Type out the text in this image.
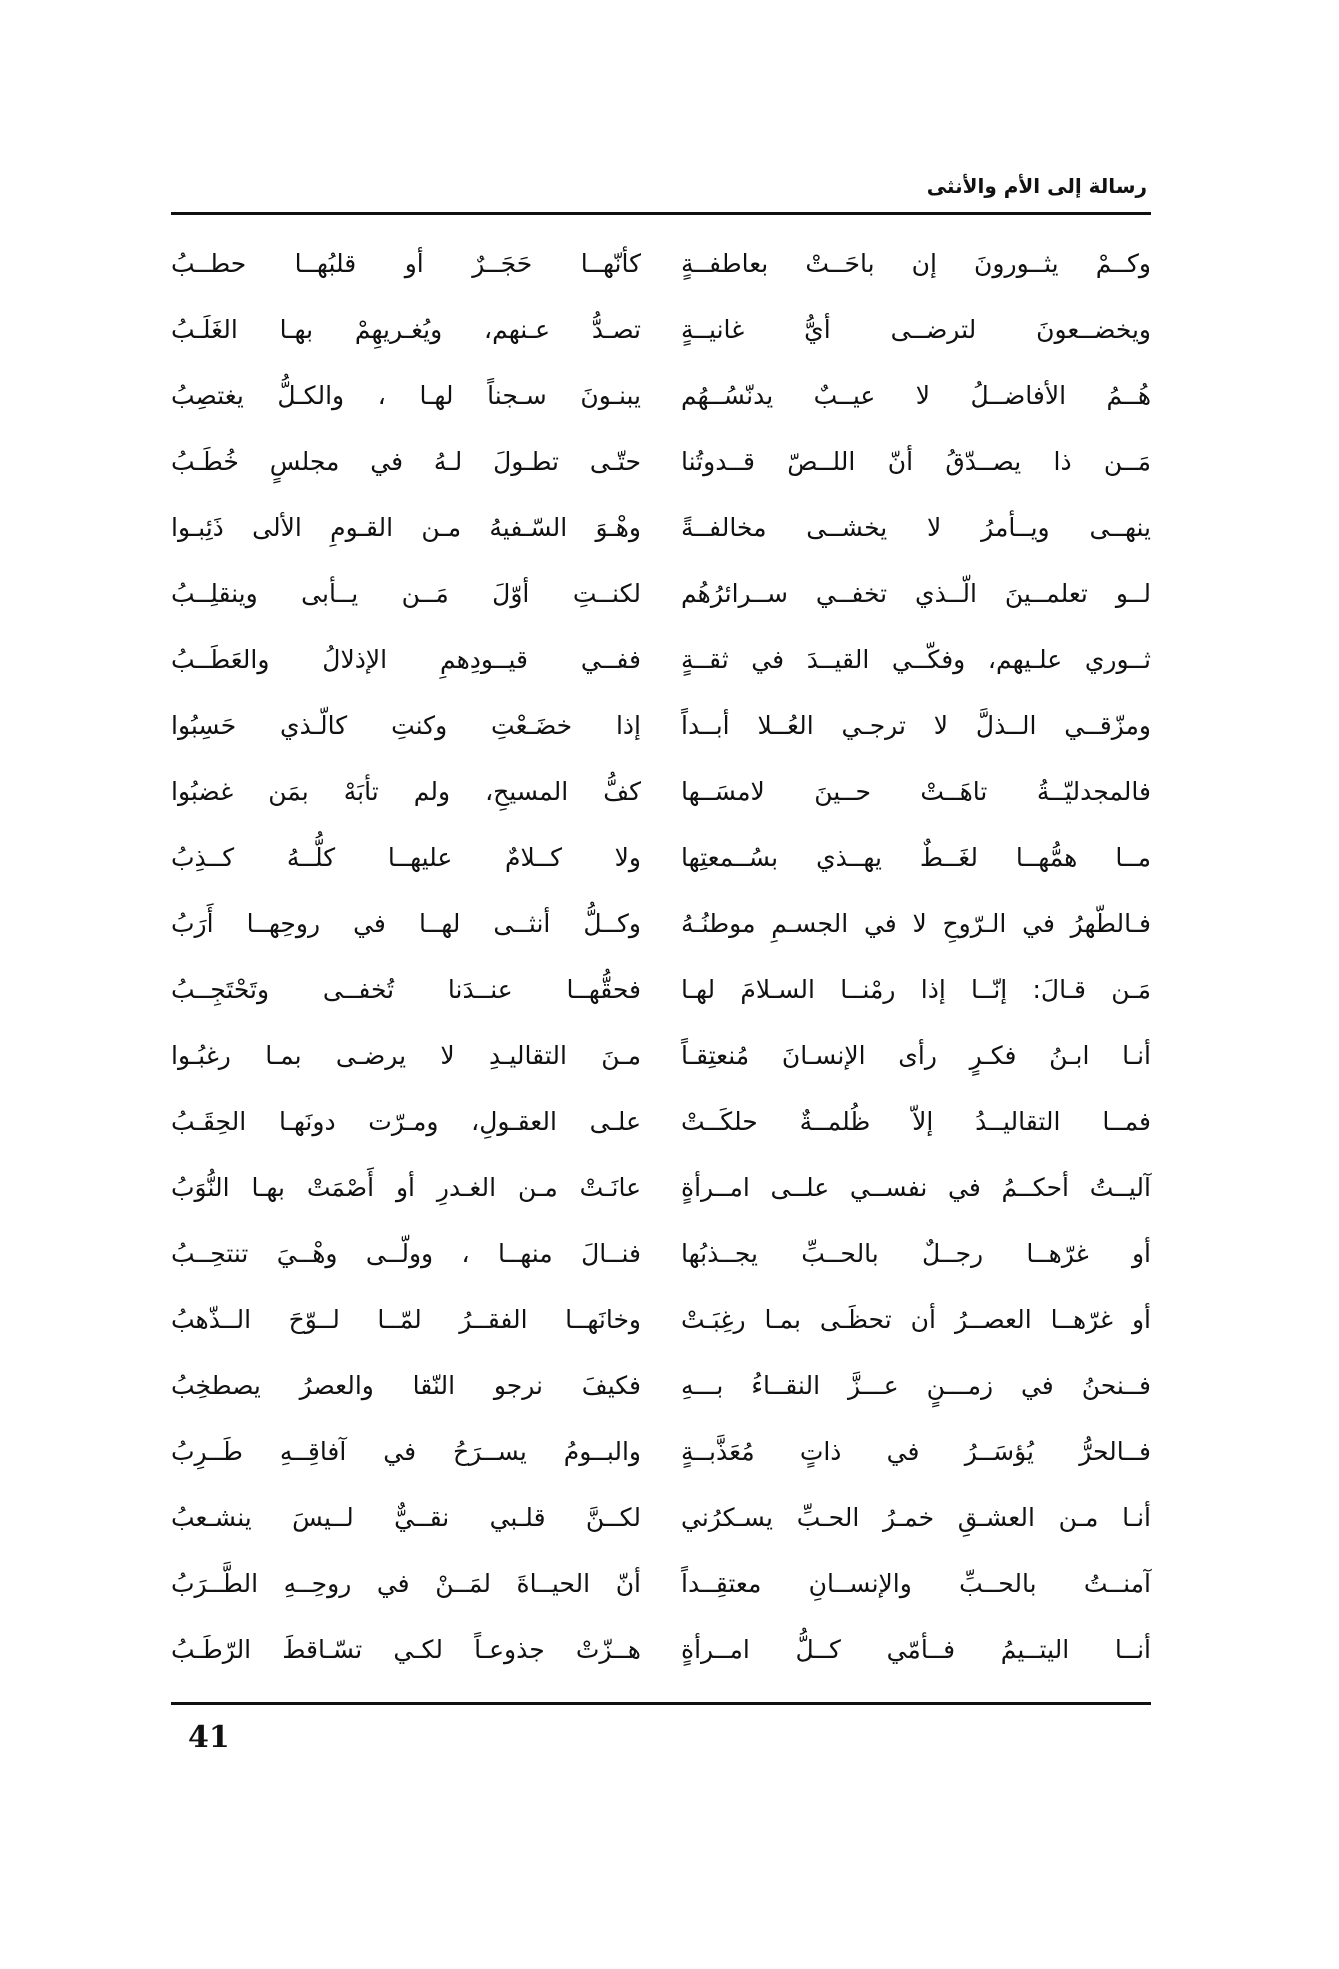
رسالة إلى الأم والأنثى
وكــمْ يثــورونَ إن باحَــتْ بعاطفــةٍ
كأنّهــا حَجَــرٌ أو قلبُهــا حطــبُ
ويخضــعونَ لترضــى أيُّ غانيــةٍ
تصـدُّ عـنهم، ويُغـريهِمْ بهـا الغَلَـبُ
هُــمُ الأفاضــلُ لا عيــبٌ يدنّسُــهُم
يبنـونَ سـجناً لهـا ، والكـلُّ يغتصِبُ
مَــن ذا يصــدّقُ أنّ اللــصّ قــدوتُنا
حتّـى تطـولَ لـهُ في مجلسٍ خُطَـبُ
ينهــى ويــأمرُ لا يخشــى مخالفــةً
وهْـوَ السّـفيهُ مـن القـومِ الألى ذَئِبـوا
لــو تعلمــينَ الّــذي تخفــي ســرائرُهُم
لكنــتِ أوّلَ مَــن يــأبى وينقلِــبُ
ثــوري علـيهم، وفكّــي القيــدَ في ثقــةٍ
ففــي قيــودِهمِ الإذلالُ والعَطَــبُ
ومزّقــي الــذلَّ لا ترجـي العُــلا أبــداً
إذا خضَـعْتِ وكنتِ كالّـذي حَسِبُوا
فالمجدليّــةُ تاهَــتْ حــينَ لامسَــها
كفُّ المسيحِ، ولم تأبَهْ بمَن غضبُوا
مــا همُّهــا لغَــطٌ يهــذي بسُــمعتِها
ولا كــلامٌ عليهــا كلُّــهُ كــذِبُ
فـالطّهرُ في الـرّوحِ لا في الجسـمِ موطنُـهُ
وكــلُّ أنثــى لهــا في روحِهــا أَرَبُ
مَـن قـالَ: إنّــا إذا رمْنــا السـلامَ لهـا
فحقُّهــا عنــدَنا تُخفــى وتَحْتَجِــبُ
أنـا ابـنُ فكـرٍ رأى الإنسـانَ مُنعتِقـاً
مـنَ التقاليـدِ لا يرضـى بمـا رغبُـوا
فمــا التقاليــدُ إلاّ ظُلمــةٌ حلكَــتْ
علـى العقـولِ، ومـرّت دونَهـا الحِقَـبُ
آليــتُ أحكــمُ في نفســي علــى امــرأةٍ
عانَـتْ مـن الغـدرِ أو أَصْمَتْ بهـا النُّوَبُ
أو غرّهــا رجــلٌ بالحــبِّ يجــذبُها
فنــالَ منهــا ، وولّــى وهْــيَ تنتحِــبُ
أو غرّهــا العصــرُ أن تحظَـى بمـا رغِبَـتْ
وخانَهــا الفقــرُ لمّــا لــوّحَ الــذّهبُ
فــنحنُ في زمـــنٍ عـــزَّ النقــاءُ بـــهِ
فكيفَ نرجو النّقا والعصرُ يصطخِبُ
فــالحرُّ يُؤسَــرُ في ذاتٍ مُعَذَّبــةٍ
والبــومُ يســرَحُ في آفاقِــهِ طَــرِبُ
أنـا مـن العشـقِ خمـرُ الحـبِّ يسـكرُني
لكــنَّ قلـبي نقــيٌّ لــيسَ ينشـعبُ
آمنــتُ بالحــبِّ والإنســانِ معتقِــداً
أنّ الحيــاةَ لمَــنْ في روحِــهِ الطَّــرَبُ
أنــا اليتــيمُ فــأمّي كــلُّ امــرأةٍ
هــزّتْ جذوعـاً لكـي تسّـاقطَ الرّطَـبُ
41
